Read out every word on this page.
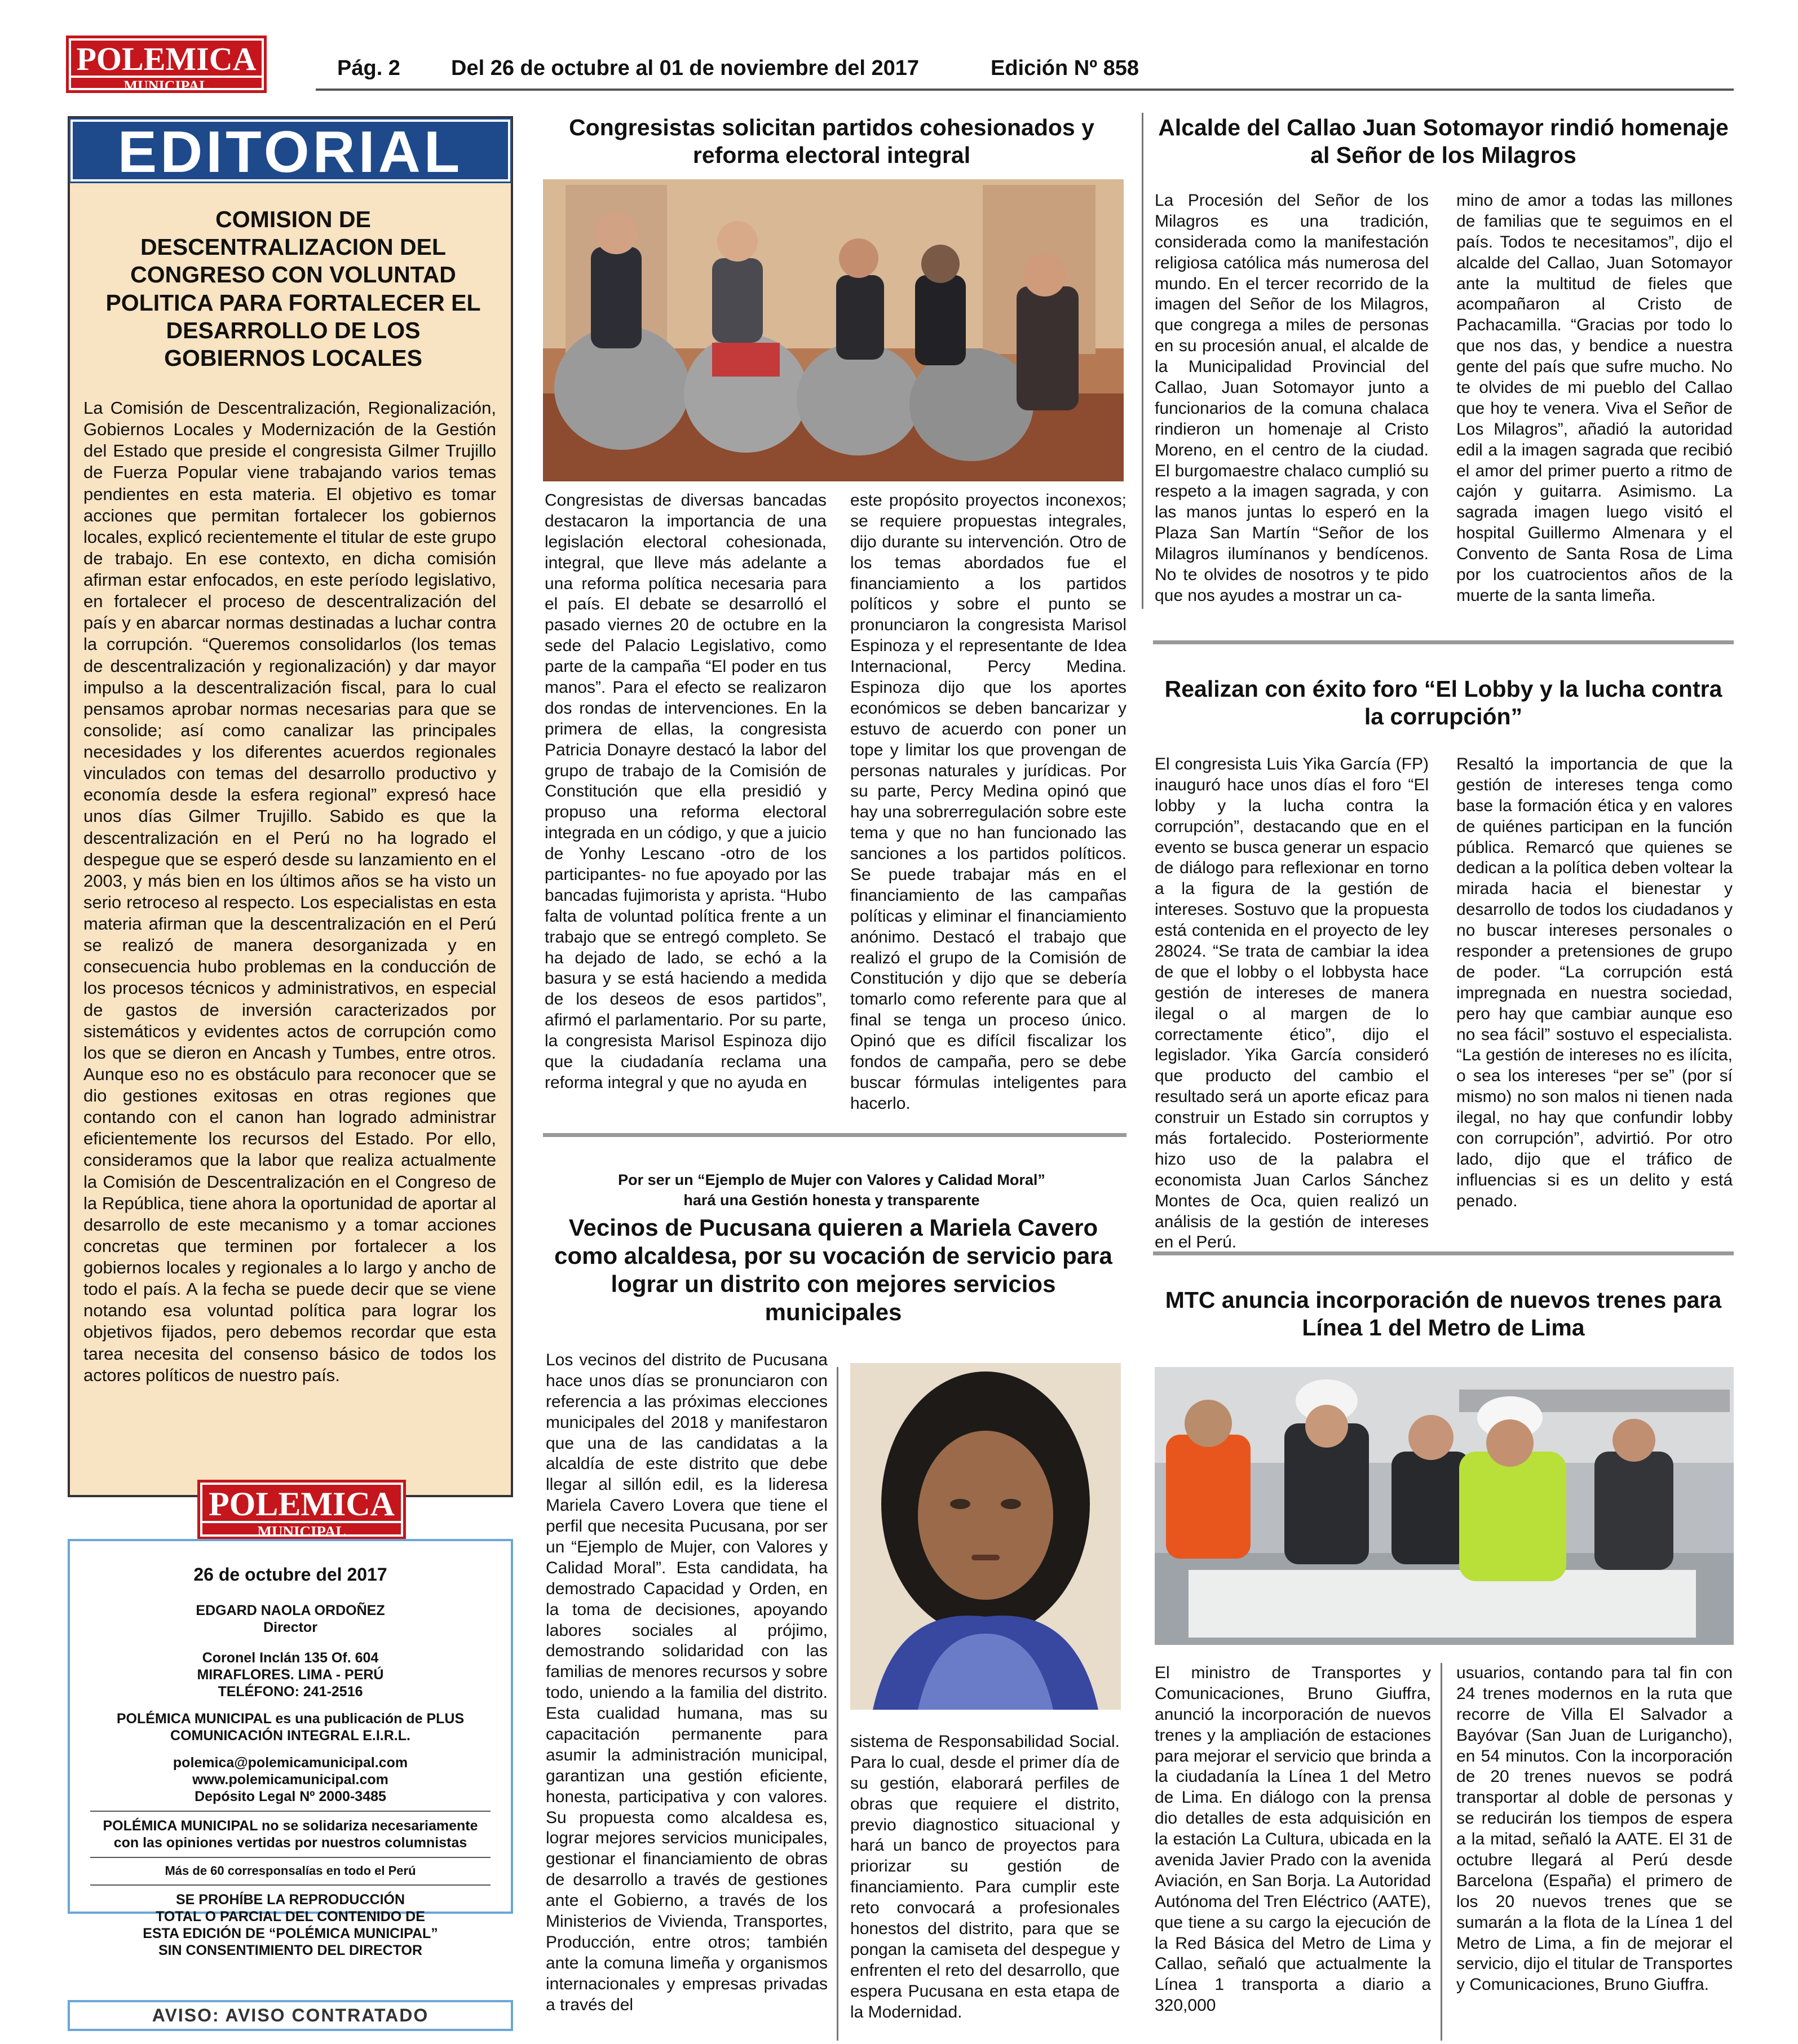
POLEMICA
MUNICIPAL
Pág. 2 Del 26 de octubre al 01 de noviembre del 2017	Edición Nº 858
EDITORIAL
COMISION DE DESCENTRALIZACION DEL CONGRESO CON VOLUNTAD POLITICA PARA FORTALECER EL DESARROLLO DE LOS GOBIERNOS LOCALES
La Comisión de Descentralización, Regionalización, Gobiernos Locales y Modernización de la Gestión del Estado que preside el congresista Gilmer Trujillo de Fuerza Popular viene trabajando varios temas pendientes en esta materia. El objetivo es tomar acciones que permitan fortalecer los gobiernos locales, explicó recientemente el titular de este grupo de trabajo. En ese contexto, en dicha comisión afirman estar enfocados, en este período legislativo, en fortalecer el proceso de descentralización del país y en abarcar normas destinadas a luchar contra la corrupción. “Queremos consolidarlos (los temas de descentralización y regionalización) y dar mayor impulso a la descentralización fiscal, para lo cual pensamos aprobar normas necesarias para que se consolide; así como canalizar las principales necesidades y los diferentes acuerdos regionales vinculados con temas del desarrollo productivo y economía desde la esfera regional” expresó hace unos días Gilmer Trujillo. Sabido es que la descentralización en el Perú no ha logrado el despegue que se esperó desde su lanzamiento en el 2003, y más bien en los últimos años se ha visto un serio retroceso al respecto. Los especialistas en esta materia afirman que la descentralización en el Perú se realizó de manera desorganizada y en consecuencia hubo problemas en la conducción de los procesos técnicos y administrativos, en especial de gastos de inversión caracterizados por sistemáticos y evidentes actos de corrupción como los que se dieron en Ancash y Tumbes, entre otros. Aunque eso no es obstáculo para reconocer que se dio gestiones exitosas en otras regiones que contando con el canon han logrado administrar eficientemente los recursos del Estado. Por ello, consideramos que la labor que realiza actualmente la Comisión de Descentralización en el Congreso de la República, tiene ahora la oportunidad de aportar al desarrollo de este mecanismo y a tomar acciones concretas que terminen por fortalecer a los gobiernos locales y regionales a lo largo y ancho de todo el país. A la fecha se puede decir que se viene notando esa voluntad política para lograr los objetivos fijados, pero debemos recordar que esta tarea necesita del consenso básico de todos los actores políticos de nuestro país.
POLEMICA
MUNICIPAL

26 de octubre del 2017

EDGARD NAOLA ORDOÑEZ

Director

Coronel Inclán 135 Of. 604

MIRAFLORES. LIMA - PERÚ

TELÉFONO: 241-2516

POLÉMICA MUNICIPAL es una publicación de PLUS

COMUNICACIÓN INTEGRAL E.I.R.L.

polemica@polemicamunicipal.com

www.polemicamunicipal.com

Depósito Legal Nº 2000-3485

POLÉMICA MUNICIPAL no se solidariza necesariamente

con las opiniones vertidas por nuestros columnistas

Más de 60 corresponsalías en todo el Perú

SE PROHÍBE LA REPRODUCCIÓN

TOTAL O PARCIAL DEL CONTENIDO DE

ESTA EDICIÓN DE “POLÉMICA MUNICIPAL”

SIN CONSENTIMIENTO DEL DIRECTOR

AVISO: AVISO CONTRATADO
Congresistas solicitan partidos cohesionados y reforma electoral integral
Congresistas de diversas bancadas destacaron la importancia de una legislación electoral cohesionada, integral, que lleve más adelante a una reforma política necesaria para el país. El debate se desarrolló el pasado viernes 20 de octubre en la sede del Palacio Legislativo, como parte de la campaña “El poder en tus manos”. Para el efecto se realizaron dos rondas de intervenciones. En la primera de ellas, la congresista Patricia Donayre destacó la labor del grupo de trabajo de la Comisión de Constitución que ella presidió y propuso una reforma electoral integrada en un código, y que a juicio de Yonhy Lescano -otro de los participantes- no fue apoyado por las bancadas fujimorista y aprista. “Hubo falta de voluntad política frente a un trabajo que se entregó completo. Se ha dejado de lado, se echó a la basura y se está haciendo a medida de los deseos de esos partidos”, afirmó el parlamentario. Por su parte, la congresista Marisol Espinoza dijo que la ciudadanía reclama una reforma integral y que no ayuda en
este propósito proyectos inconexos; se requiere propuestas integrales, dijo durante su intervención. Otro de los temas abordados fue el financiamiento a los partidos políticos y sobre el punto se pronunciaron la congresista Marisol Espinoza y el representante de Idea Internacional, Percy Medina. Espinoza dijo que los aportes económicos se deben bancarizar y estuvo de acuerdo con poner un tope y limitar los que provengan de personas naturales y jurídicas. Por su parte, Percy Medina opinó que hay una sobrerregulación sobre este tema y que no han funcionado las sanciones a los partidos políticos. Se puede trabajar más en el financiamiento de las campañas políticas y eliminar el financiamiento anónimo. Destacó el trabajo que realizó el grupo de la Comisión de Constitución y dijo que se debería tomarlo como referente para que al final se tenga un proceso único. Opinó que es difícil fiscalizar los fondos de campaña, pero se debe buscar fórmulas inteligentes para hacerlo.
Por ser un “Ejemplo de Mujer con Valores y Calidad Moral”
hará una Gestión honesta y transparente
Vecinos de Pucusana quieren a Mariela Cavero como alcaldesa, por su vocación de servicio para lograr un distrito con mejores servicios municipales
Los vecinos del distrito de Pucusana hace unos días se pronunciaron con referencia a las próximas elecciones municipales del 2018 y manifestaron que una de las candidatas a la alcaldía de este distrito que debe llegar al sillón edil, es la lideresa Mariela Cavero Lovera que tiene el perfil que necesita Pucusana, por ser un “Ejemplo de Mujer, con Valores y Calidad Moral”. Esta candidata, ha demostrado Capacidad y Orden, en la toma de decisiones, apoyando labores sociales al prójimo, demostrando solidaridad con las familias de menores recursos y sobre todo, uniendo a la familia del distrito. Esta cualidad humana, mas su capacitación permanente para asumir la administración municipal, garantizan una gestión eficiente, honesta, participativa y con valores. Su propuesta como alcaldesa es, lograr mejores servicios municipales, gestionar el financiamiento de obras de desarrollo a través de gestiones ante el Gobierno, a través de los Ministerios de Vivienda, Transportes, Producción, entre otros; también ante la comuna limeña y organismos internacionales y empresas privadas a través del
sistema de Responsabilidad Social. Para lo cual, desde el primer día de su gestión, elaborará perfiles de obras que requiere el distrito, previo diagnostico situacional y hará un banco de proyectos para priorizar su gestión de financiamiento. Para cumplir este reto convocará a profesionales honestos del distrito, para que se pongan la camiseta del despegue y enfrenten el reto del desarrollo, que espera Pucusana en esta etapa de la Modernidad.
Alcalde del Callao Juan Sotomayor rindió homenaje al Señor de los Milagros
La Procesión del Señor de los Milagros es una tradición, considerada como la manifestación religiosa católica más numerosa del mundo. En el tercer recorrido de la imagen del Señor de los Milagros, que congrega a miles de personas en su procesión anual, el alcalde de la Municipalidad Provincial del Callao, Juan Sotomayor junto a funcionarios de la comuna chalaca rindieron un homenaje al Cristo Moreno, en el centro de la ciudad. El burgomaestre chalaco cumplió su respeto a la imagen sagrada, y con las manos juntas lo esperó en la Plaza San Martín “Señor de los Milagros ilumínanos y bendícenos. No te olvides de nosotros y te pido que nos ayudes a mostrar un ca-
mino de amor a todas las millones de familias que te seguimos en el país. Todos te necesitamos”, dijo el alcalde del Callao, Juan Sotomayor ante la multitud de fieles que acompañaron al Cristo de Pachacamilla. “Gracias por todo lo que nos das, y bendice a nuestra gente del país que sufre mucho. No te olvides de mi pueblo del Callao que hoy te venera. Viva el Señor de Los Milagros”, añadió la autoridad edil a la imagen sagrada que recibió el amor del primer puerto a ritmo de cajón y guitarra. Asimismo. La sagrada imagen luego visitó el hospital Guillermo Almenara y el Convento de Santa Rosa de Lima por los cuatrocientos años de la muerte de la santa limeña.
Realizan con éxito foro “El Lobby y la lucha contra la corrupción”
El congresista Luis Yika García (FP) inauguró hace unos días el foro “El lobby y la lucha contra la corrupción”, destacando que en el evento se busca generar un espacio de diálogo para reflexionar en torno a la figura de la gestión de intereses. Sostuvo que la propuesta está contenida en el proyecto de ley 28024. “Se trata de cambiar la idea de que el lobby o el lobbysta hace gestión de intereses de manera ilegal o al margen de lo correctamente ético”, dijo el legislador. Yika García consideró que producto del cambio el resultado será un aporte eficaz para construir un Estado sin corruptos y más fortalecido. Posteriormente hizo uso de la palabra el economista Juan Carlos Sánchez Montes de Oca, quien realizó un análisis de la gestión de intereses en el Perú.
Resaltó la importancia de que la gestión de intereses tenga como base la formación ética y en valores de quiénes participan en la función pública. Remarcó que quienes se dedican a la política deben voltear la mirada hacia el bienestar y desarrollo de todos los ciudadanos y no buscar intereses personales o responder a pretensiones de grupo de poder. “La corrupción está impregnada en nuestra sociedad, pero hay que cambiar aunque eso no sea fácil” sostuvo el especialista. “La gestión de intereses no es ilícita, o sea los intereses “per se” (por sí mismo) no son malos ni tienen nada ilegal, no hay que confundir lobby con corrupción”, advirtió. Por otro lado, dijo que el tráfico de influencias si es un delito y está penado.
MTC anuncia incorporación de nuevos trenes para Línea 1 del Metro de Lima
El ministro de Transportes y Comunicaciones, Bruno Giuffra, anunció la incorporación de nuevos trenes y la ampliación de estaciones para mejorar el servicio que brinda a la ciudadanía la Línea 1 del Metro de Lima. En diálogo con la prensa dio detalles de esta adquisición en la estación La Cultura, ubicada en la avenida Javier Prado con la avenida Aviación, en San Borja. La Autoridad Autónoma del Tren Eléctrico (AATE), que tiene a su cargo la ejecución de la Red Básica del Metro de Lima y Callao, señaló que actualmente la Línea 1 transporta a diario a 320,000
usuarios, contando para tal fin con 24 trenes modernos en la ruta que recorre de Villa El Salvador a Bayóvar (San Juan de Lurigancho), en 54 minutos. Con la incorporación de 20 trenes nuevos se podrá transportar al doble de personas y se reducirán los tiempos de espera a la mitad, señaló la AATE. El 31 de octubre llegará al Perú desde Barcelona (España) el primero de los 20 nuevos trenes que se sumarán a la flota de la Línea 1 del Metro de Lima, a fin de mejorar el servicio, dijo el titular de Transportes y Comunicaciones, Bruno Giuffra.
